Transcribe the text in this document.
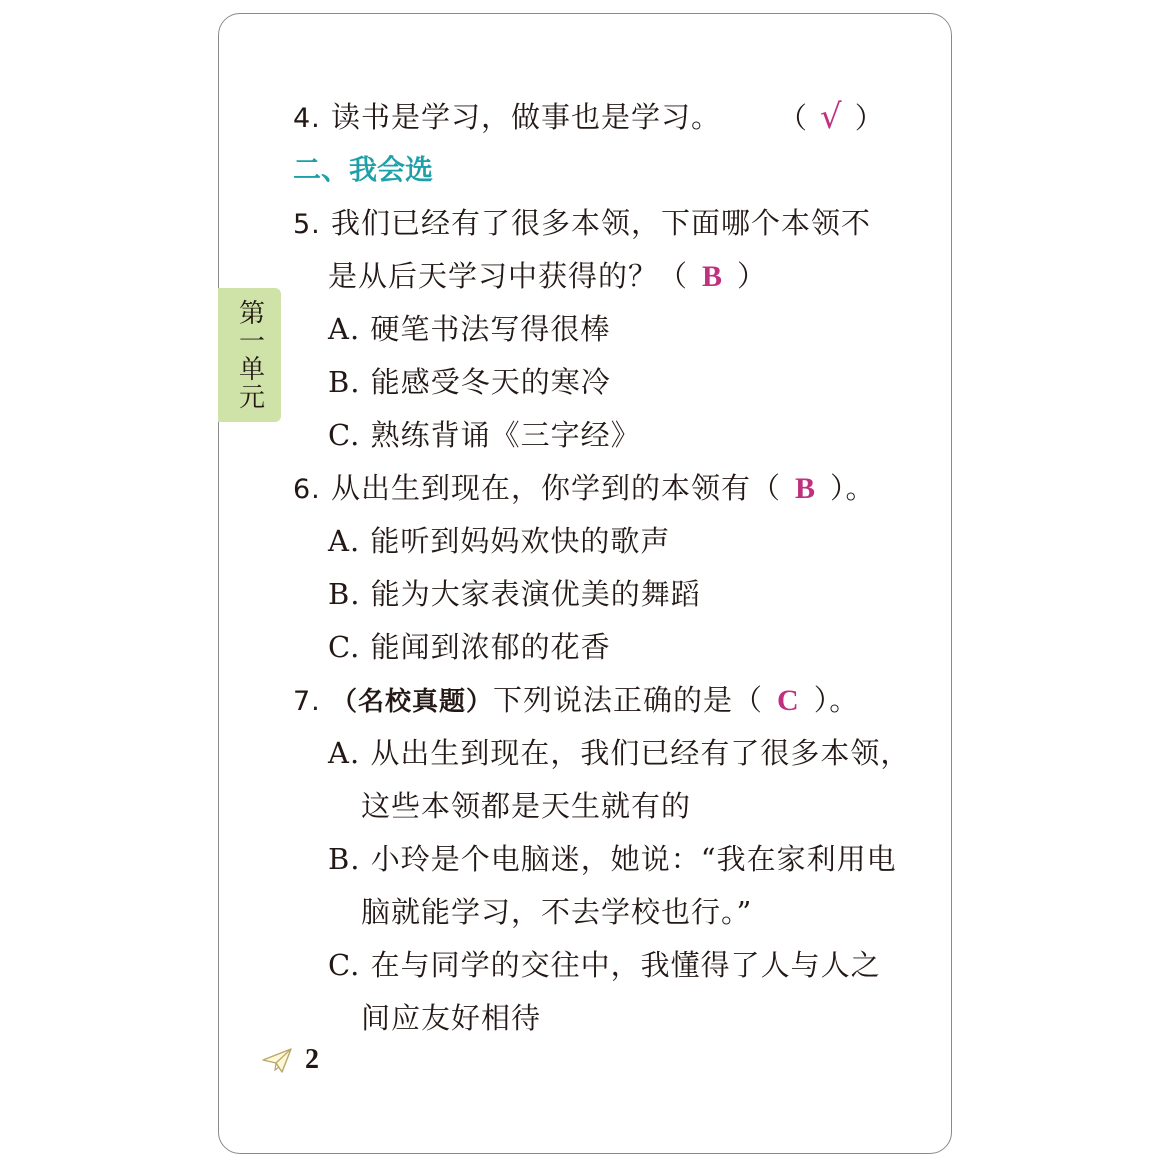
第一单元
4. 读书是学习，做事也是学习。 （ √ ）
二、我会选
5. 我们已经有了很多本领，下面哪个本领不
是从后天学习中获得的？（ B ）
A. 硬笔书法写得很棒
B. 能感受冬天的寒冷
C. 熟练背诵《三字经》
6. 从出生到现在，你学到的本领有（ B ）。
A. 能听到妈妈欢快的歌声
B. 能为大家表演优美的舞蹈
C. 能闻到浓郁的花香
7. （名校真题）下列说法正确的是（ C ）。
A. 从出生到现在，我们已经有了很多本领，
这些本领都是天生就有的
B. 小玲是个电脑迷，她说：“我在家利用电
脑就能学习，不去学校也行。”
C. 在与同学的交往中，我懂得了人与人之
间应友好相待
2
